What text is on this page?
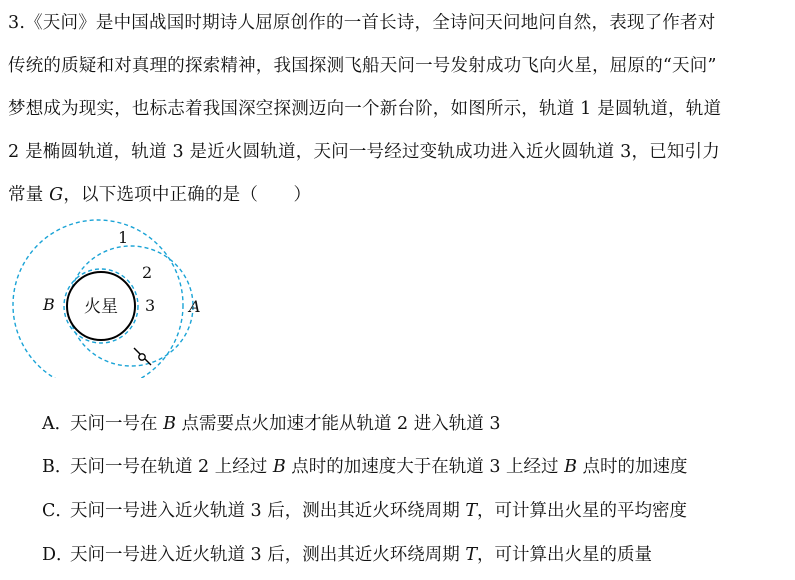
3.《天问》是中国战国时期诗人屈原创作的一首长诗，全诗问天问地问自然，表现了作者对
传统的质疑和对真理的探索精神，我国探测飞船天问一号发射成功飞向火星，屈原的“天问”
梦想成为现实，也标志着我国深空探测迈向一个新台阶，如图所示，轨道 1 是圆轨道，轨道
2 是椭圆轨道，轨道 3 是近火圆轨道，天问一号经过变轨成功进入近火圆轨道 3，已知引力
常量 G，以下选项中正确的是（　　）
火星
1
2
3 A
B
A．天问一号在 B 点需要点火加速才能从轨道 2 进入轨道 3
B．天问一号在轨道 2 上经过 B 点时的加速度大于在轨道 3 上经过 B 点时的加速度
C．天问一号进入近火轨道 3 后，测出其近火环绕周期 T，可计算出火星的平均密度
D．天问一号进入近火轨道 3 后，测出其近火环绕周期 T，可计算出火星的质量
